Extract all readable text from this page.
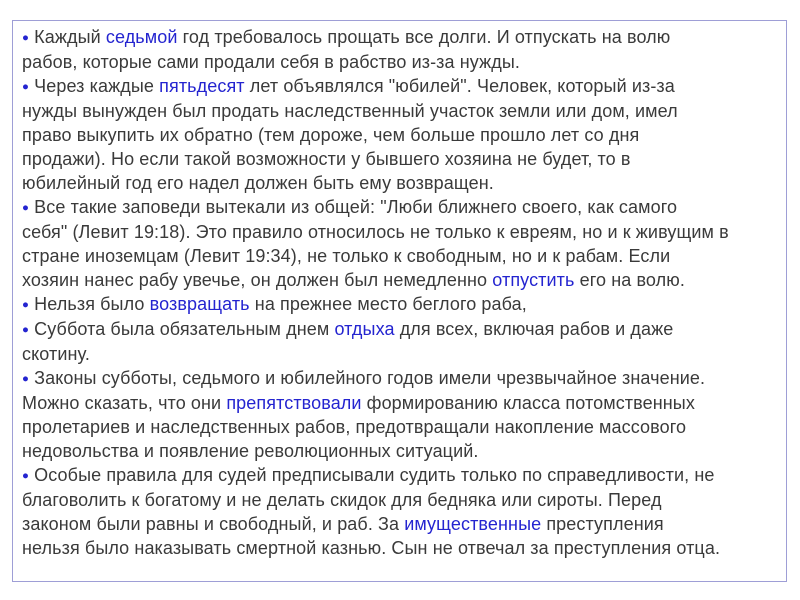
● Каждый седьмой год требовалось прощать все долги. И отпускать на волю
рабов, которые сами продали себя в рабство из-за нужды.
● Через каждые пятьдесят лет объявлялся "юбилей". Человек, который из-за
нужды вынужден был продать наследственный участок земли или дом, имел
право выкупить их обратно (тем дороже, чем больше прошло лет со дня
продажи). Но если такой возможности у бывшего хозяина не будет, то в
юбилейный год его надел должен быть ему возвращен.
● Все такие заповеди вытекали из общей: "Люби ближнего своего, как самого
себя" (Левит 19:18). Это правило относилось не только к евреям, но и к живущим в
стране иноземцам (Левит 19:34), не только к свободным, но и к рабам. Если
хозяин нанес рабу увечье, он должен был немедленно отпустить его на волю.
● Нельзя было возвращать на прежнее место беглого раба,
● Суббота была обязательным днем отдыха для всех, включая рабов и даже
скотину.
● Законы субботы, седьмого и юбилейного годов имели чрезвычайное значение.
Можно сказать, что они препятствовали формированию класса потомственных
пролетариев и наследственных рабов, предотвращали накопление массового
недовольства и появление революционных ситуаций.
● Особые правила для судей предписывали судить только по справедливости, не
благоволить к богатому и не делать скидок для бедняка или сироты. Перед
законом были равны и свободный, и раб. За имущественные преступления
нельзя было наказывать смертной казнью. Сын не отвечал за преступления отца.
